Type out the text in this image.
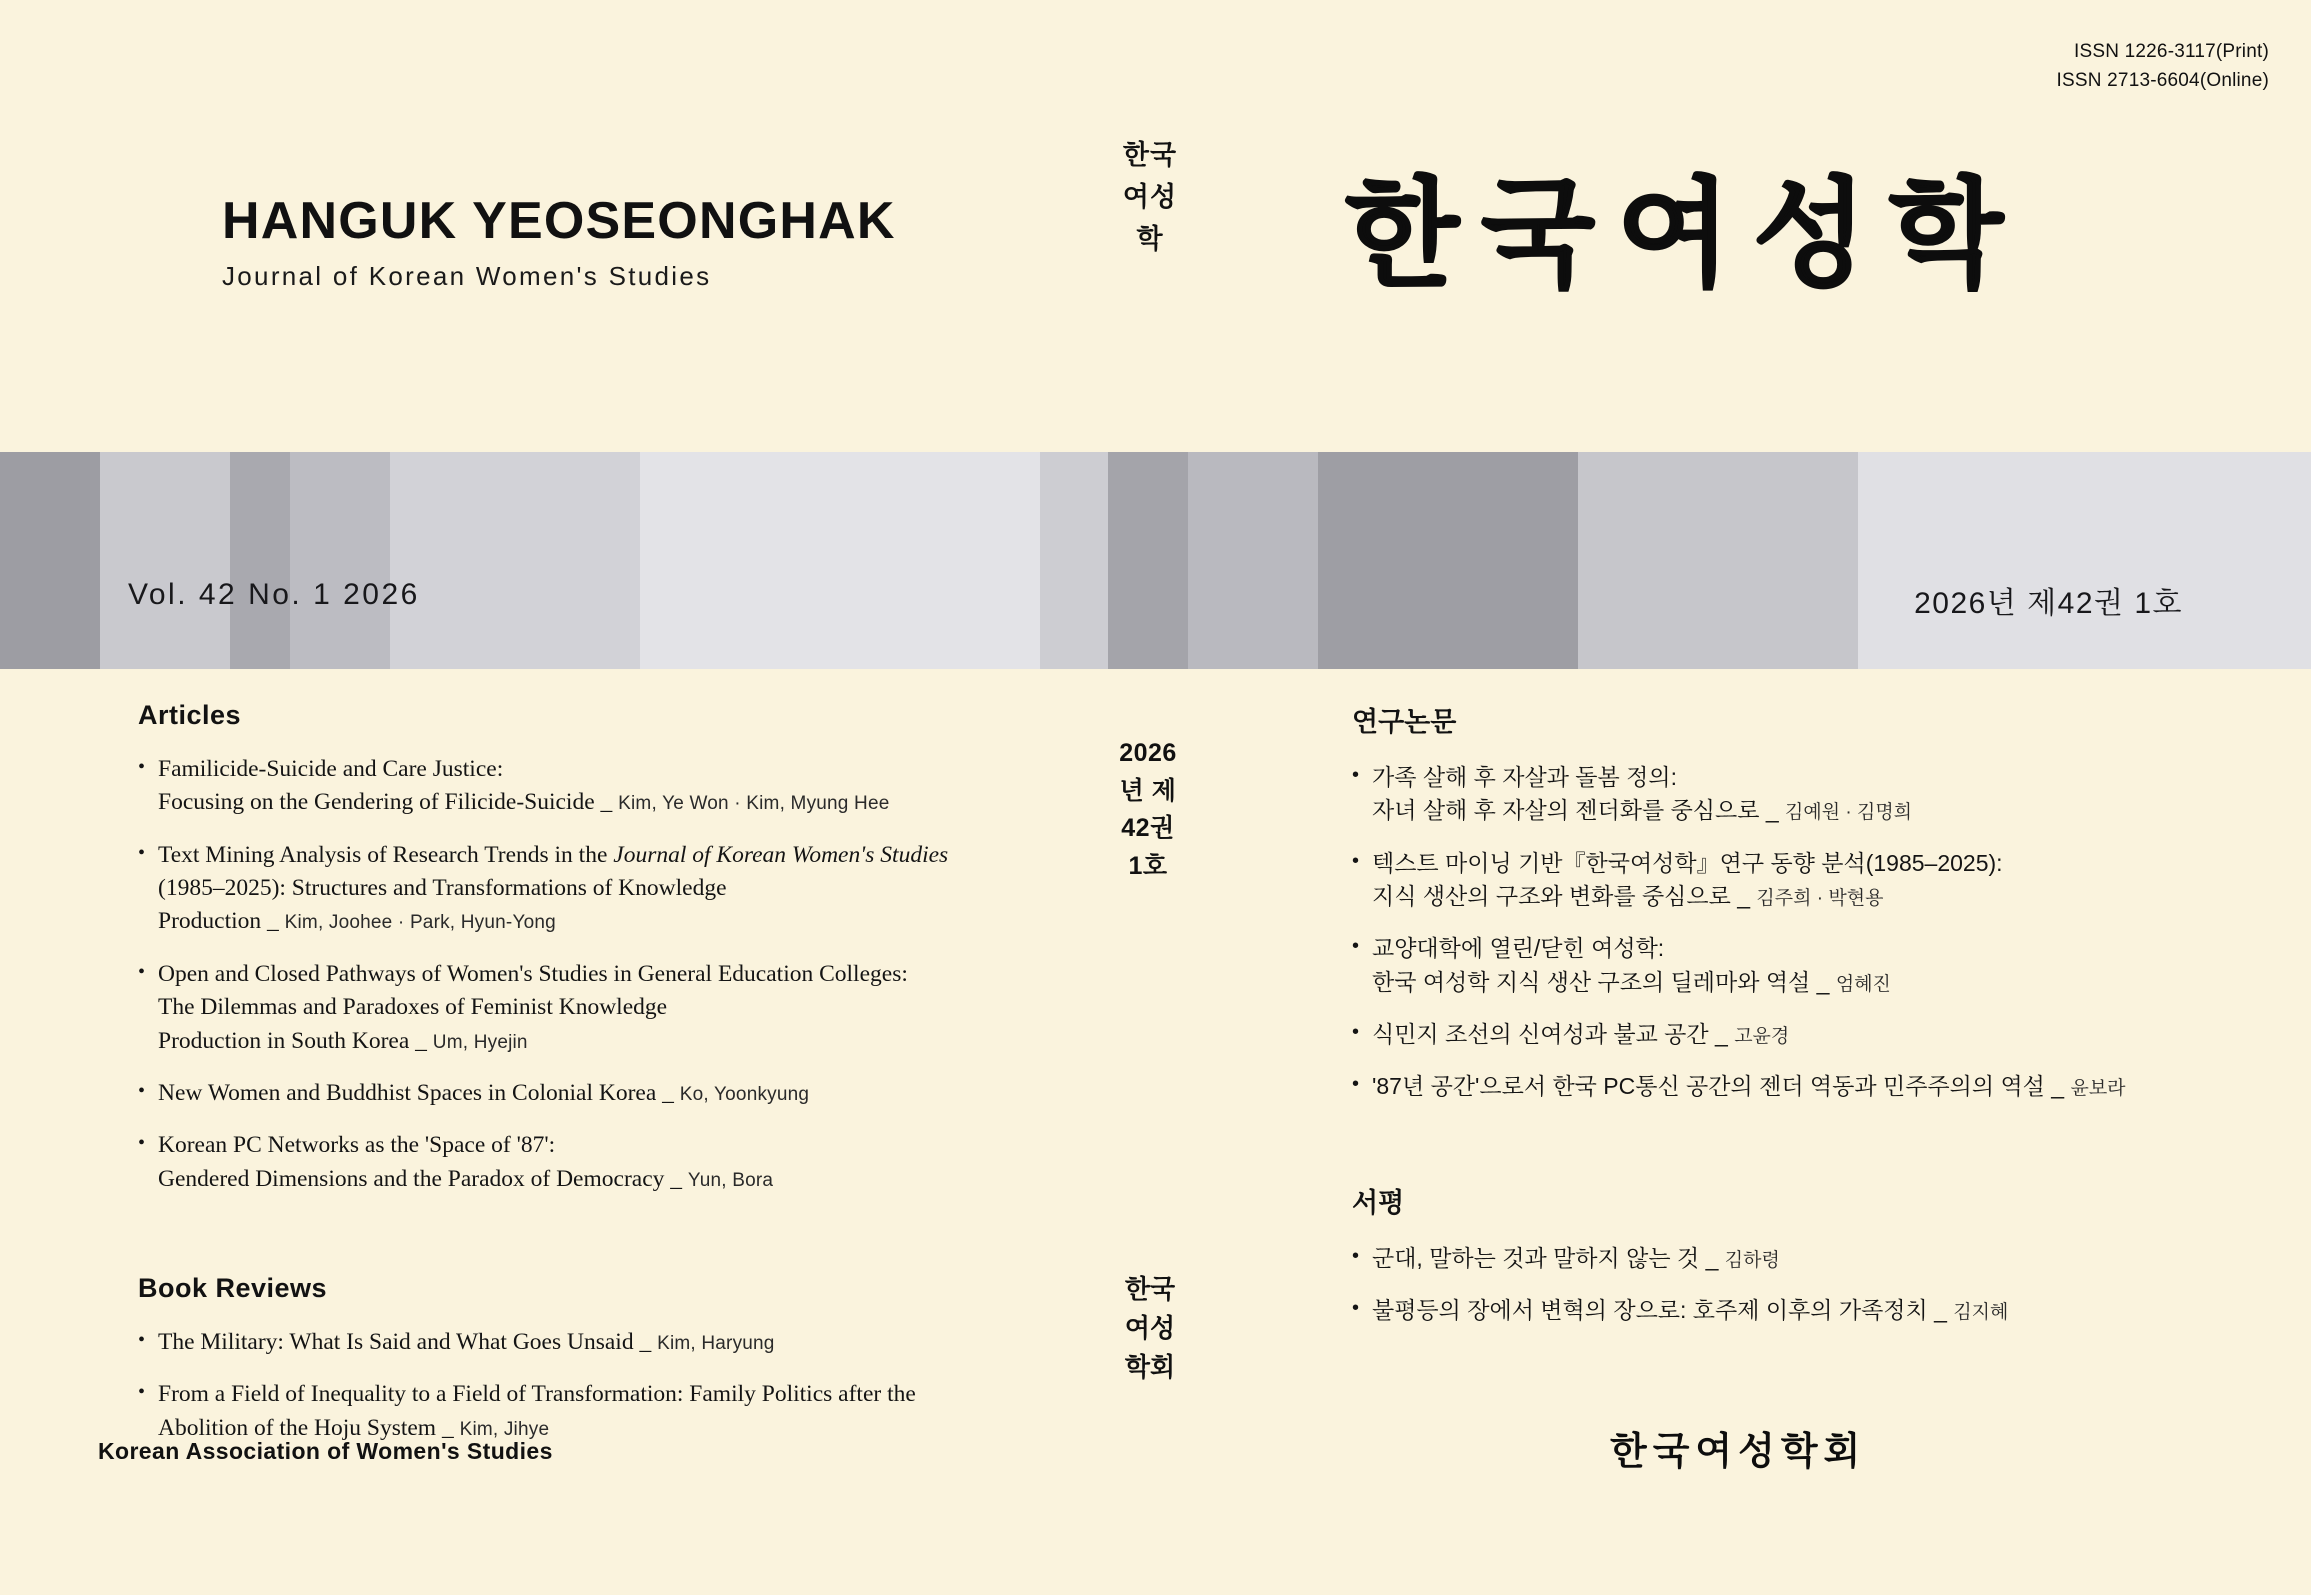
ISSN 1226-3117(Print)
ISSN 2713-6604(Online)
HANGUK YEOSEONGHAK
Journal of Korean Women's Studies
한국여성학
2026년 제42권 1호
한국여성학회
한국여성학
Vol. 42 No. 1 2026	2026년 제42권 1호
Articles
• Familicide-Suicide and Care Justice:
Focusing on the Gendering of Filicide-Suicide _ Kim, Ye Won · Kim, Myung Hee
• Text Mining Analysis of Research Trends in the Journal of Korean Women's Studies
(1985–2025): Structures and Transformations of Knowledge
Production _ Kim, Joohee · Park, Hyun-Yong
• Open and Closed Pathways of Women's Studies in General Education Colleges:
The Dilemmas and Paradoxes of Feminist Knowledge
Production in South Korea _ Um, Hyejin
• New Women and Buddhist Spaces in Colonial Korea _ Ko, Yoonkyung
• Korean PC Networks as the 'Space of '87':
Gendered Dimensions and the Paradox of Democracy _ Yun, Bora
Book Reviews
• The Military: What Is Said and What Goes Unsaid _ Kim, Haryung
• From a Field of Inequality to a Field of Transformation: Family Politics after the
Abolition of the Hoju System _ Kim, Jihye
연구논문
• 가족 살해 후 자살과 돌봄 정의:
자녀 살해 후 자살의 젠더화를 중심으로 _ 김예원 · 김명희
• 텍스트 마이닝 기반『한국여성학』연구 동향 분석(1985–2025):
지식 생산의 구조와 변화를 중심으로 _ 김주희 · 박현용
• 교양대학에 열린/닫힌 여성학:
한국 여성학 지식 생산 구조의 딜레마와 역설 _ 엄혜진
• 식민지 조선의 신여성과 불교 공간 _ 고윤경
• '87년 공간'으로서 한국 PC통신 공간의 젠더 역동과 민주주의의 역설 _ 윤보라
서평
• 군대, 말하는 것과 말하지 않는 것 _ 김하령
• 불평등의 장에서 변혁의 장으로: 호주제 이후의 가족정치 _ 김지혜
Korean Association of Women's Studies	한국여성학회
